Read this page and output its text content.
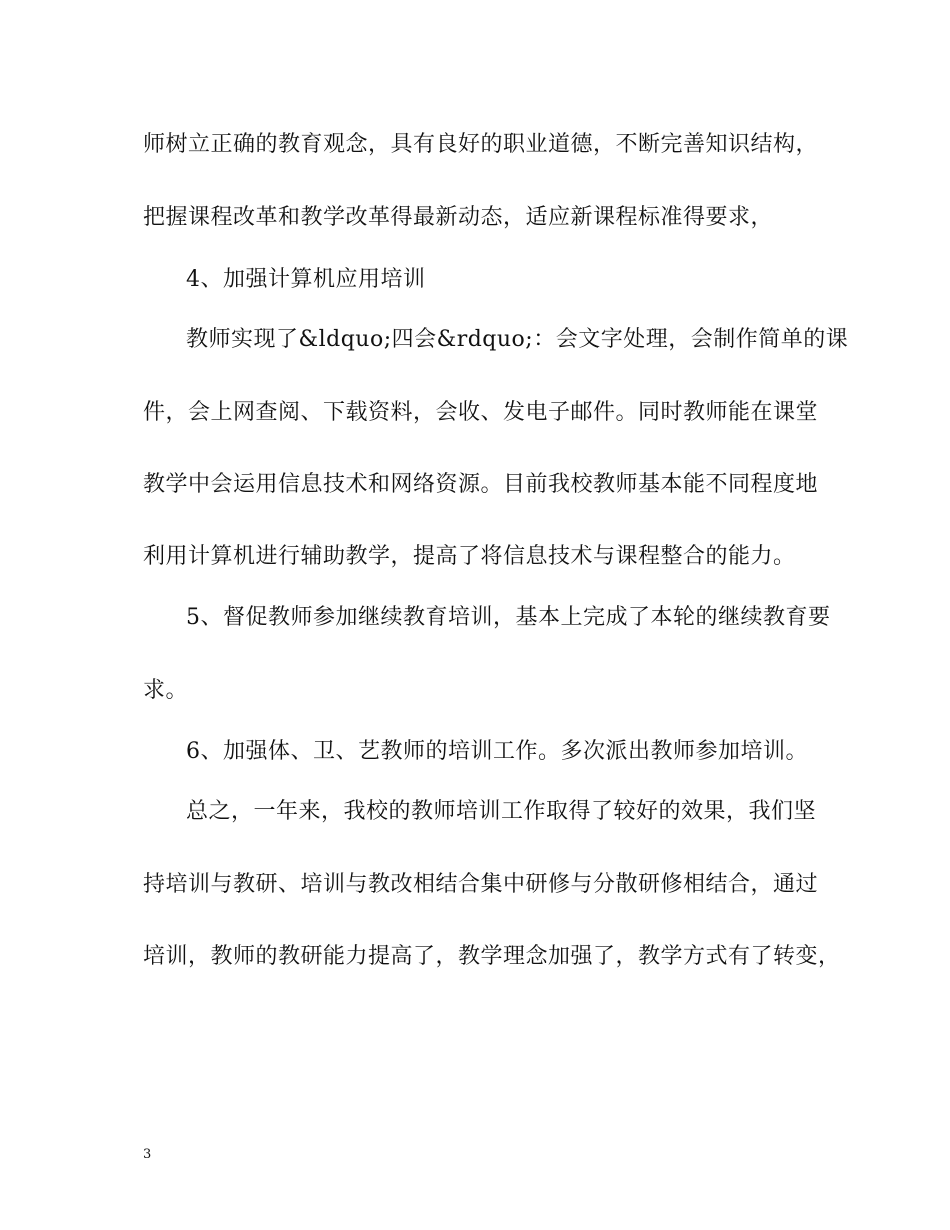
师树立正确的教育观念，具有良好的职业道德，不断完善知识结构，
把握课程改革和教学改革得最新动态，适应新课程标准得要求，
4、加强计算机应用培训
教师实现了&ldquo;四会&rdquo;：会文字处理，会制作简单的课
件，会上网查阅、下载资料，会收、发电子邮件。同时教师能在课堂
教学中会运用信息技术和网络资源。目前我校教师基本能不同程度地
利用计算机进行辅助教学，提高了将信息技术与课程整合的能力。
5、督促教师参加继续教育培训，基本上完成了本轮的继续教育要
求。
6、加强体、卫、艺教师的培训工作。多次派出教师参加培训。
总之，一年来，我校的教师培训工作取得了较好的效果，我们坚
持培训与教研、培训与教改相结合集中研修与分散研修相结合，通过
培训，教师的教研能力提高了，教学理念加强了，教学方式有了转变，
3
